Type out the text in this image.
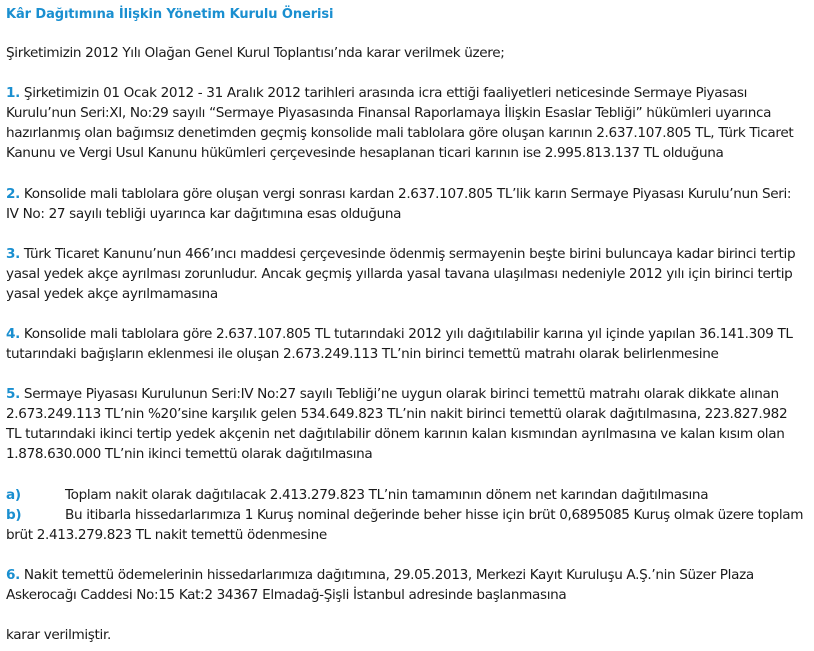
Kâr Dağıtımına İlişkin Yönetim Kurulu Önerisi

Şirketimizin 2012 Yılı Olağan Genel Kurul Toplantısı’nda karar verilmek üzere;

1. Şirketimizin 01 Ocak 2012 - 31 Aralık 2012 tarihleri arasında icra ettiği faaliyetleri neticesinde Sermaye Piyasası Kurulu’nun Seri:XI, No:29 sayılı “Sermaye Piyasasında Finansal Raporlamaya İlişkin Esaslar Tebliği” hükümleri uyarınca hazırlanmış olan bağımsız denetimden geçmiş konsolide mali tablolara göre oluşan karının 2.637.107.805 TL, Türk Ticaret Kanunu ve Vergi Usul Kanunu hükümleri çerçevesinde hesaplanan ticari karının ise 2.995.813.137 TL olduğuna

2. Konsolide mali tablolara göre oluşan vergi sonrası kardan 2.637.107.805 TL’lik karın Sermaye Piyasası Kurulu’nun Seri: IV No: 27 sayılı tebliği uyarınca kar dağıtımına esas olduğuna

3. Türk Ticaret Kanunu’nun 466’ıncı maddesi çerçevesinde ödenmiş sermayenin beşte birini buluncaya kadar birinci tertip yasal yedek akçe ayrılması zorunludur. Ancak geçmiş yıllarda yasal tavana ulaşılması nedeniyle 2012 yılı için birinci tertip yasal yedek akçe ayrılmamasına

4. Konsolide mali tablolara göre 2.637.107.805 TL tutarındaki 2012 yılı dağıtılabilir karına yıl içinde yapılan 36.141.309 TL tutarındaki bağışların eklenmesi ile oluşan 2.673.249.113 TL’nin birinci temettü matrahı olarak belirlenmesine

5. Sermaye Piyasası Kurulunun Seri:IV No:27 sayılı Tebliği’ne uygun olarak birinci temettü matrahı olarak dikkate alınan 2.673.249.113 TL’nin %20’sine karşılık gelen 534.649.823 TL’nin nakit birinci temettü olarak dağıtılmasına, 223.827.982 TL tutarındaki ikinci tertip yedek akçenin net dağıtılabilir dönem karının kalan kısmından ayrılmasına ve kalan kısım olan 1.878.630.000 TL’nin ikinci temettü olarak dağıtılmasına

a)	Toplam nakit olarak dağıtılacak 2.413.279.823 TL’nin tamamının dönem net karından dağıtılmasına

b)	Bu itibarla hissedarlarımıza 1 Kuruş nominal değerinde beher hisse için brüt 0,6895085 Kuruş olmak üzere toplam brüt 2.413.279.823 TL nakit temettü ödenmesine

6. Nakit temettü ödemelerinin hissedarlarımıza dağıtımına, 29.05.2013, Merkezi Kayıt Kuruluşu A.Ş.’nin Süzer Plaza Askerocağı Caddesi No:15 Kat:2 34367 Elmadağ-Şişli İstanbul adresinde başlanmasına

karar verilmiştir.
